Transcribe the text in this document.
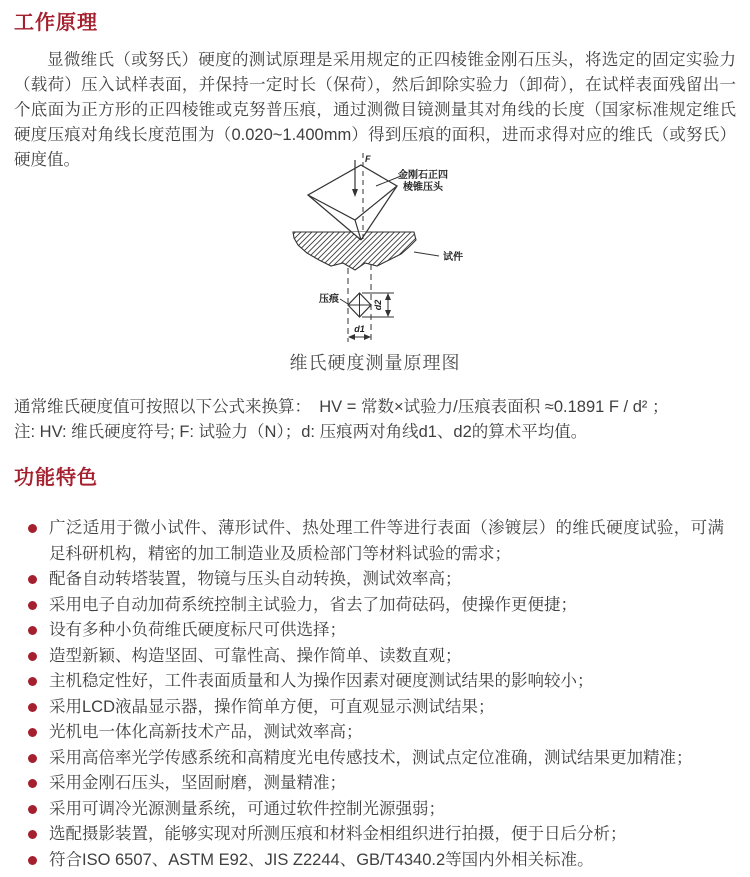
工作原理

显微维氏（或努氏）硬度的测试原理是采用规定的正四棱锥金刚石压头，将选定的固定实验力（载荷）压入试样表面，并保持一定时长（保荷），然后卸除实验力（卸荷），在试样表面残留出一个底面为正方形的正四棱锥或克努普压痕，通过测微目镜测量其对角线的长度（国家标准规定维氏硬度压痕对角线长度范围为（0.020~1.400mm）得到压痕的面积，进而求得对应的维氏（或努氏）硬度值。	F
金刚石正四
棱锥压头
试件
压痕	d2
d1
维氏硬度测量原理图
通常维氏硬度值可按照以下公式来换算：　HV = 常数×试验力/压痕表面积 ≈0.1891 F / d² ；
注: HV: 维氏硬度符号; F: 试验力（N）；d: 压痕两对角线d1、d2的算术平均值。
功能特色
广泛适用于微小试件、薄形试件、热处理工件等进行表面（渗镀层）的维氏硬度试验，可满足科研机构，精密的加工制造业及质检部门等材料试验的需求；
配备自动转塔装置，物镜与压头自动转换，测试效率高；
采用电子自动加荷系统控制主试验力，省去了加荷砝码，使操作更便捷；
设有多种小负荷维氏硬度标尺可供选择；
造型新颖、构造坚固、可靠性高、操作简单、读数直观；
主机稳定性好，工件表面质量和人为操作因素对硬度测试结果的影响较小；
采用LCD液晶显示器，操作简单方便，可直观显示测试结果；
光机电一体化高新技术产品，测试效率高；
采用高倍率光学传感系统和高精度光电传感技术，测试点定位准确，测试结果更加精准；
采用金刚石压头，坚固耐磨，测量精准；
采用可调冷光源测量系统，可通过软件控制光源强弱；
选配摄影装置，能够实现对所测压痕和材料金相组织进行拍摄，便于日后分析；
符合ISO 6507、ASTM E92、JIS Z2244、GB/T4340.2等国内外相关标准。
